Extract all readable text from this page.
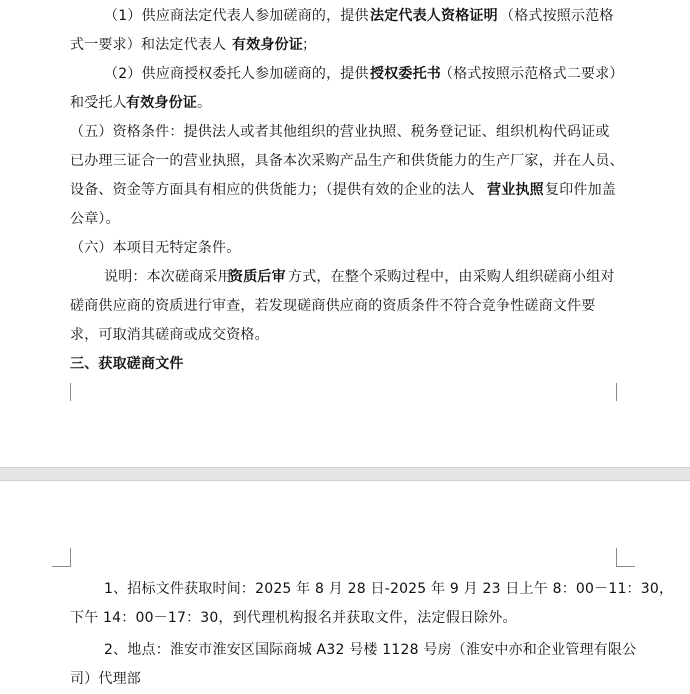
（1）供应商法定代表人参加磋商的，提供 法定代表人资格证明 （格式按照示范格
式一要求）和法定代表人 有效身份证 ；
（2）供应商授权委托人参加磋商的，提供 授权委托书
（格式按照示范格式二要求）
和受托人 有效身份证 。
（五）资格条件：提供法人或者其他组织的营业执照、税务登记证、组织机构代码证或
已办理三证合一的营业执照，具备本次采购产品生产和供货能力的生产厂家，并在人员、
设备、资金等方面具有相应的供货能力；（提供有效的企业的法人 营业执照 复印件加盖
公章）。
（六）本项目无特定条件。
说明：本次磋商采用
资质后审 方式，在整个采购过程中，由采购人组织磋商小组对
磋商供应商的资质进行审查，若发现磋商供应商的资质条件不符合竞争性磋商文件要
求，可取消其磋商或成交资格。
三、获取磋商文件
1、招标文件获取时间：2025 年 8 月 28 日-2025 年 9 月 23 日上午 8：00－11：30，
下午 14：00－17：30，到代理机构报名并获取文件，法定假日除外。
2、地点：淮安市淮安区国际商城 A32 号楼 1128 号房（淮安中亦和企业管理有限公
司）代理部
